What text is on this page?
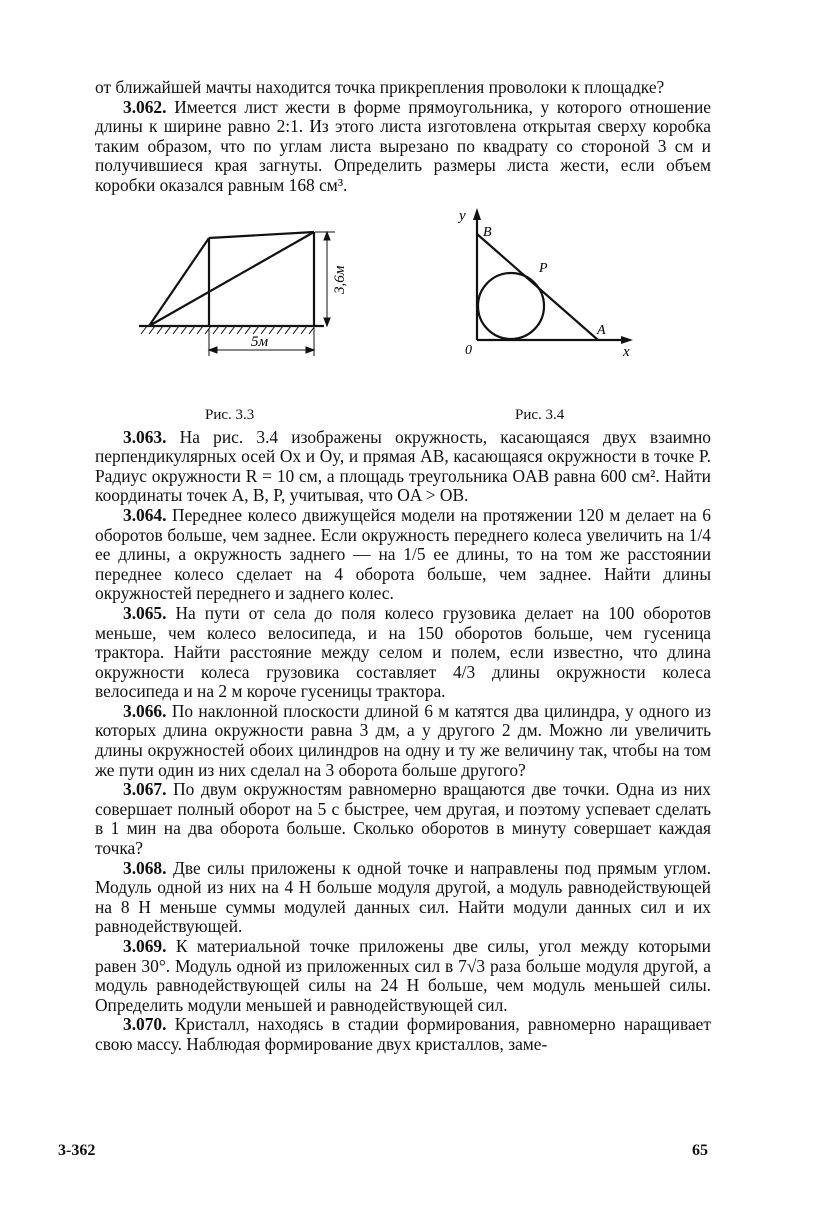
от ближайшей мачты находится точка прикрепления проволоки к площадке?

3.062. Имеется лист жести в форме прямоугольника, у которого отношение длины к ширине равно 2:1. Из этого листа изготовлена открытая сверху коробка таким образом, что по углам листа вырезано по квадрату со стороной 3 см и получившиеся края загнуты. Определить размеры листа жести, если объем коробки оказался равным 168 см³.

3,6м
5м
y
B
P
A
0	x
Рис. 3.3	Рис. 3.4

3.063. На рис. 3.4 изображены окружность, касающаяся двух взаимно перпендикулярных осей Ox и Oy, и прямая AB, касающаяся окружности в точке P. Радиус окружности R = 10 см, а площадь треугольника OAB равна 600 см². Найти координаты точек A, B, P, учитывая, что OA > OB.

3.064. Переднее колесо движущейся модели на протяжении 120 м делает на 6 оборотов больше, чем заднее. Если окружность переднего колеса увеличить на 1/4 ее длины, а окружность заднего — на 1/5 ее длины, то на том же расстоянии переднее колесо сделает на 4 оборота больше, чем заднее. Найти длины окружностей переднего и заднего колес.

3.065. На пути от села до поля колесо грузовика делает на 100 оборотов меньше, чем колесо велосипеда, и на 150 оборотов больше, чем гусеница трактора. Найти расстояние между селом и полем, если известно, что длина окружности колеса грузовика составляет 4/3 длины окружности колеса велосипеда и на 2 м короче гусеницы трактора.

3.066. По наклонной плоскости длиной 6 м катятся два цилиндра, у одного из которых длина окружности равна 3 дм, а у другого 2 дм. Можно ли увеличить длины окружностей обоих цилиндров на одну и ту же величину так, чтобы на том же пути один из них сделал на 3 оборота больше другого?

3.067. По двум окружностям равномерно вращаются две точки. Одна из них совершает полный оборот на 5 с быстрее, чем другая, и поэтому успевает сделать в 1 мин на два оборота больше. Сколько оборотов в минуту совершает каждая точка?

3.068. Две силы приложены к одной точке и направлены под прямым углом. Модуль одной из них на 4 Н больше модуля другой, а модуль равнодействующей на 8 Н меньше суммы модулей данных сил. Найти модули данных сил и их равнодействующей.

3.069. К материальной точке приложены две силы, угол между которыми равен 30°. Модуль одной из приложенных сил в 7√3 раза больше модуля другой, а модуль равнодействующей силы на 24 Н больше, чем модуль меньшей силы. Определить модули меньшей и равнодействующей сил.

3.070. Кристалл, находясь в стадии формирования, равномерно наращивает свою массу. Наблюдая формирование двух кристаллов, заме-

3-362	65
